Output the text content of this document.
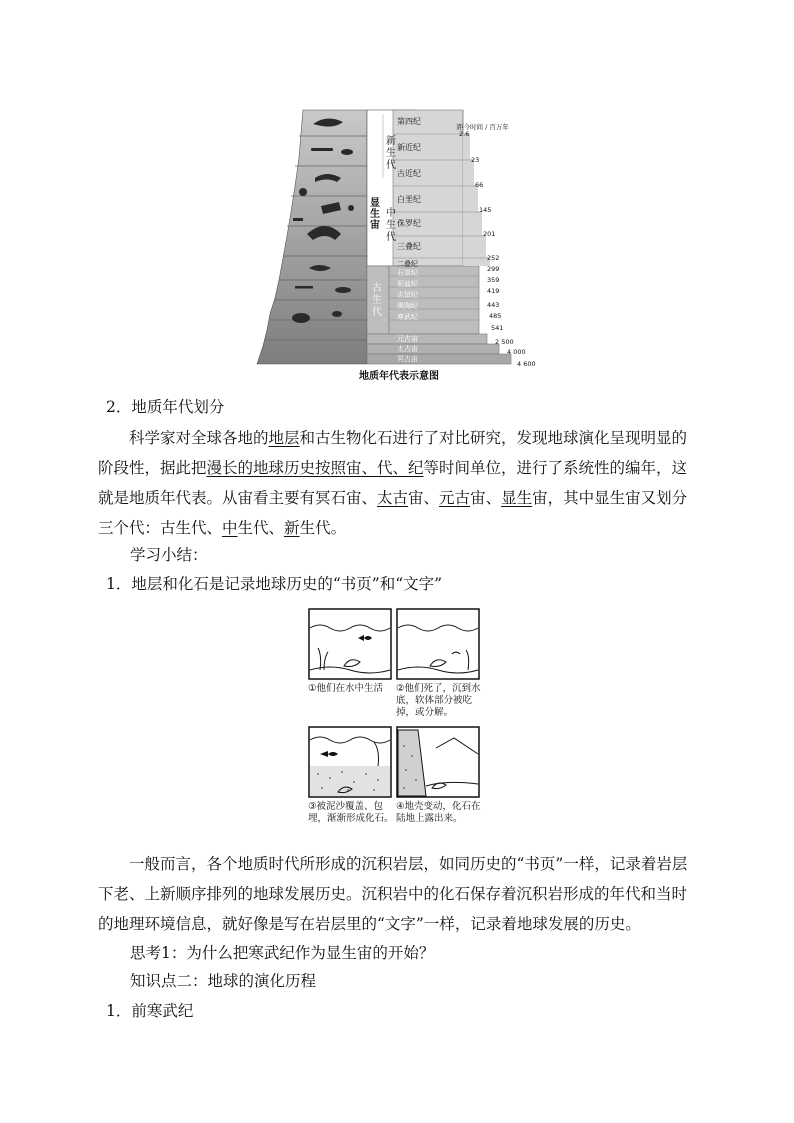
显生宙
新生代
中生代
古生代
第四纪
新近纪
古近纪
白垩纪
侏罗纪
三叠纪
二叠纪
石炭纪
泥盆纪
志留纪
奥陶纪
寒武纪
元古宙
太古宙
冥古宙
距今时间 / 百万年
2.6
23
66
145
201
252
299
359
419
443
485
541
2 500
4 000
4 600
地质年代表示意图
2．地质年代划分
科学家对全球各地的地层和古生物化石进行了对比研究，发现地球演化呈现明显的阶段性，据此把漫长的地球历史按照宙、代、纪等时间单位，进行了系统性的编年，这就是地质年代表。从宙看主要有冥石宙、太古宙、元古宙、显生宙，其中显生宙又划分三个代：古生代、中生代、新生代。
学习小结：
1．地层和化石是记录地球历史的“书页”和“文字”
①他们在水中生活	②他们死了，沉到水底，软体部分被吃掉，或分解。
③被泥沙覆盖、包埋，渐渐形成化石。
④地壳变动，化石在陆地上露出来。
一般而言，各个地质时代所形成的沉积岩层，如同历史的“书页”一样，记录着岩层下老、上新顺序排列的地球发展历史。沉积岩中的化石保存着沉积岩形成的年代和当时的地理环境信息，就好像是写在岩层里的“文字”一样，记录着地球发展的历史。
思考1：为什么把寒武纪作为显生宙的开始？
知识点二：地球的演化历程
1．前寒武纪
